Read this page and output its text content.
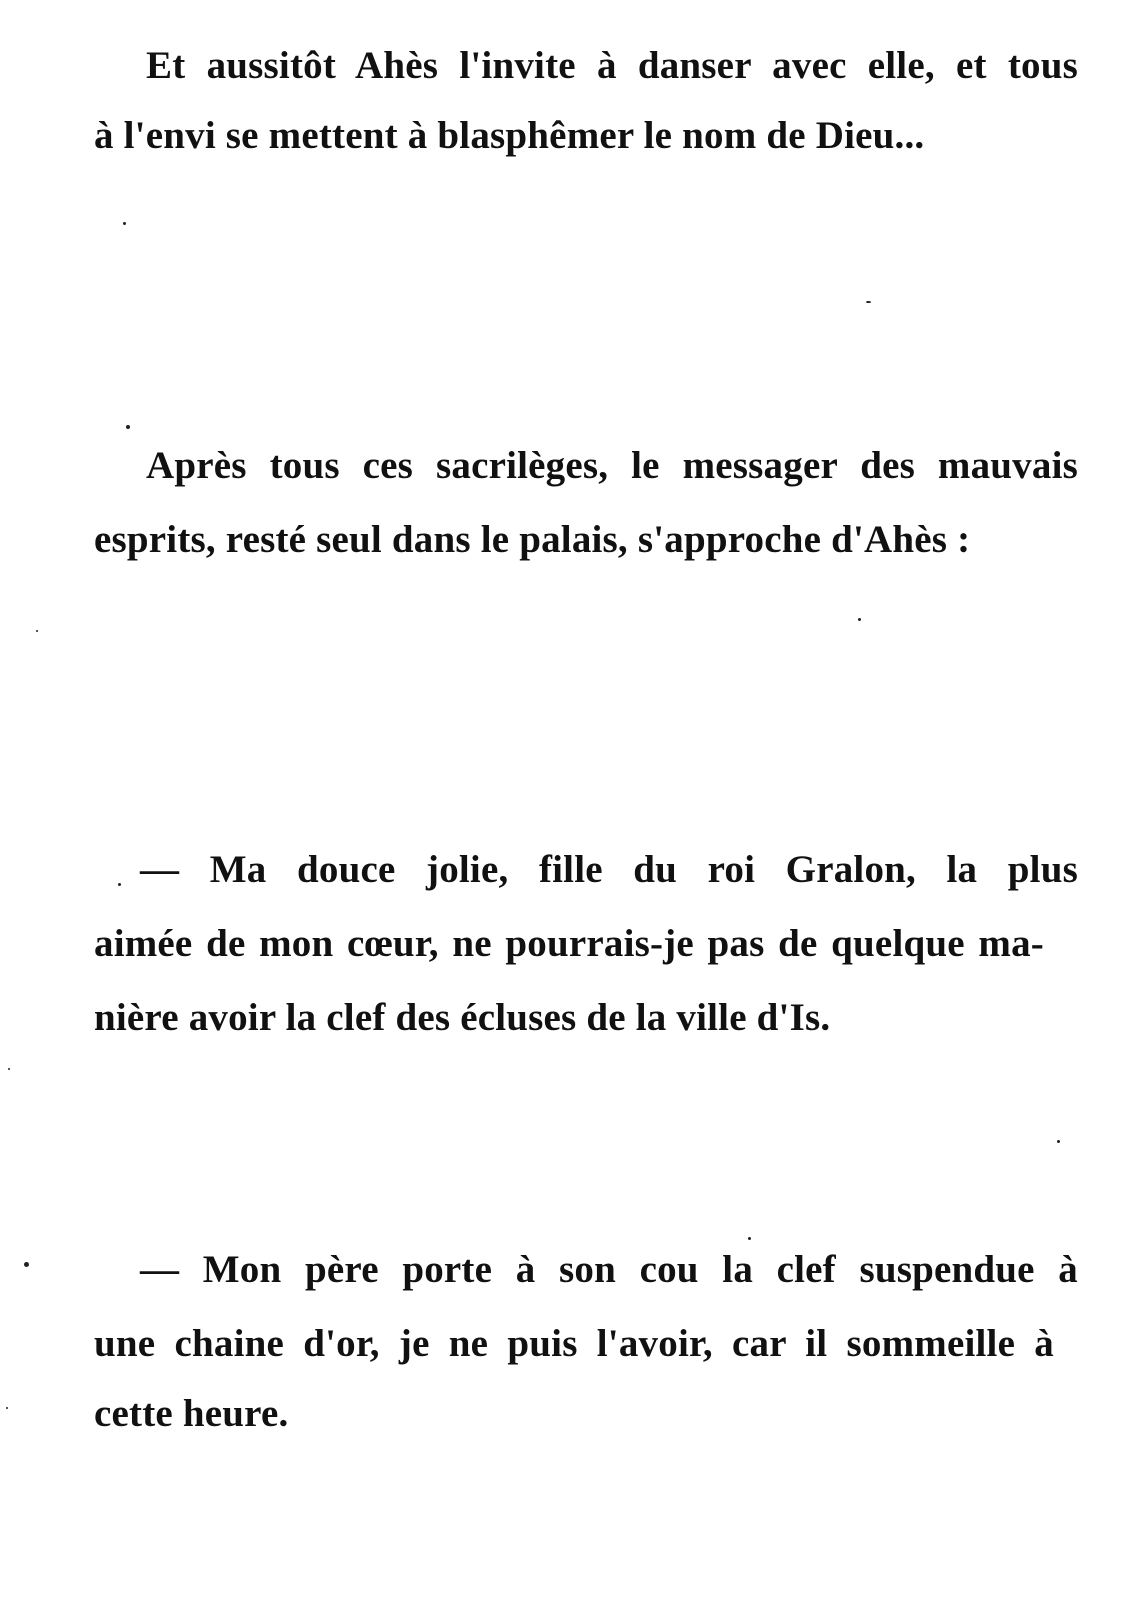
Et aussitôt Ahès l'invite à danser avec elle, et tous
à l'envi se mettent à blasphêmer le nom de Dieu...
Après tous ces sacrilèges, le messager des mauvais
esprits, resté seul dans le palais, s'approche d'Ahès :
— Ma douce jolie, fille du roi Gralon, la plus
aimée de mon cœur, ne pourrais-je pas de quelque ma-
nière avoir la clef des écluses de la ville d'Is.
— Mon père porte à son cou la clef suspendue à
une chaine d'or, je ne puis l'avoir, car il sommeille à
cette heure.
